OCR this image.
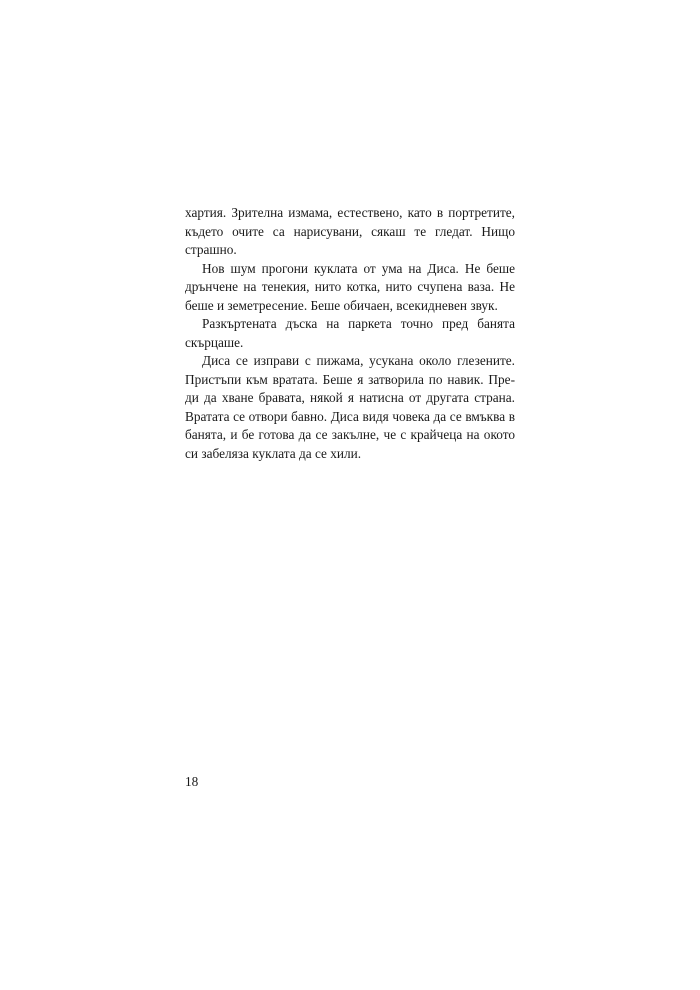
хартия. Зрителна измама, естествено, като в портретите,
където очите са нарисувани, сякаш те гледат. Нищо
страшно.
Нов шум прогони куклата от ума на Диса. Не беше
дрънчене на тенекия, нито котка, нито счупена ваза. Не
беше и земетресение. Беше обичаен, всекидневен звук.
Разкъртената дъска на паркета точно пред банята
скърцаше.
Диса се изправи с пижама, усукана около глезените.
Пристъпи към вратата. Беше я затворила по навик. Пре-
ди да хване бравата, някой я натисна от другата страна.
Вратата се отвори бавно. Диса видя човека да се вмъква в
банята, и бе готова да се закълне, че с крайчеца на окото
си забеляза куклата да се хили.
18
